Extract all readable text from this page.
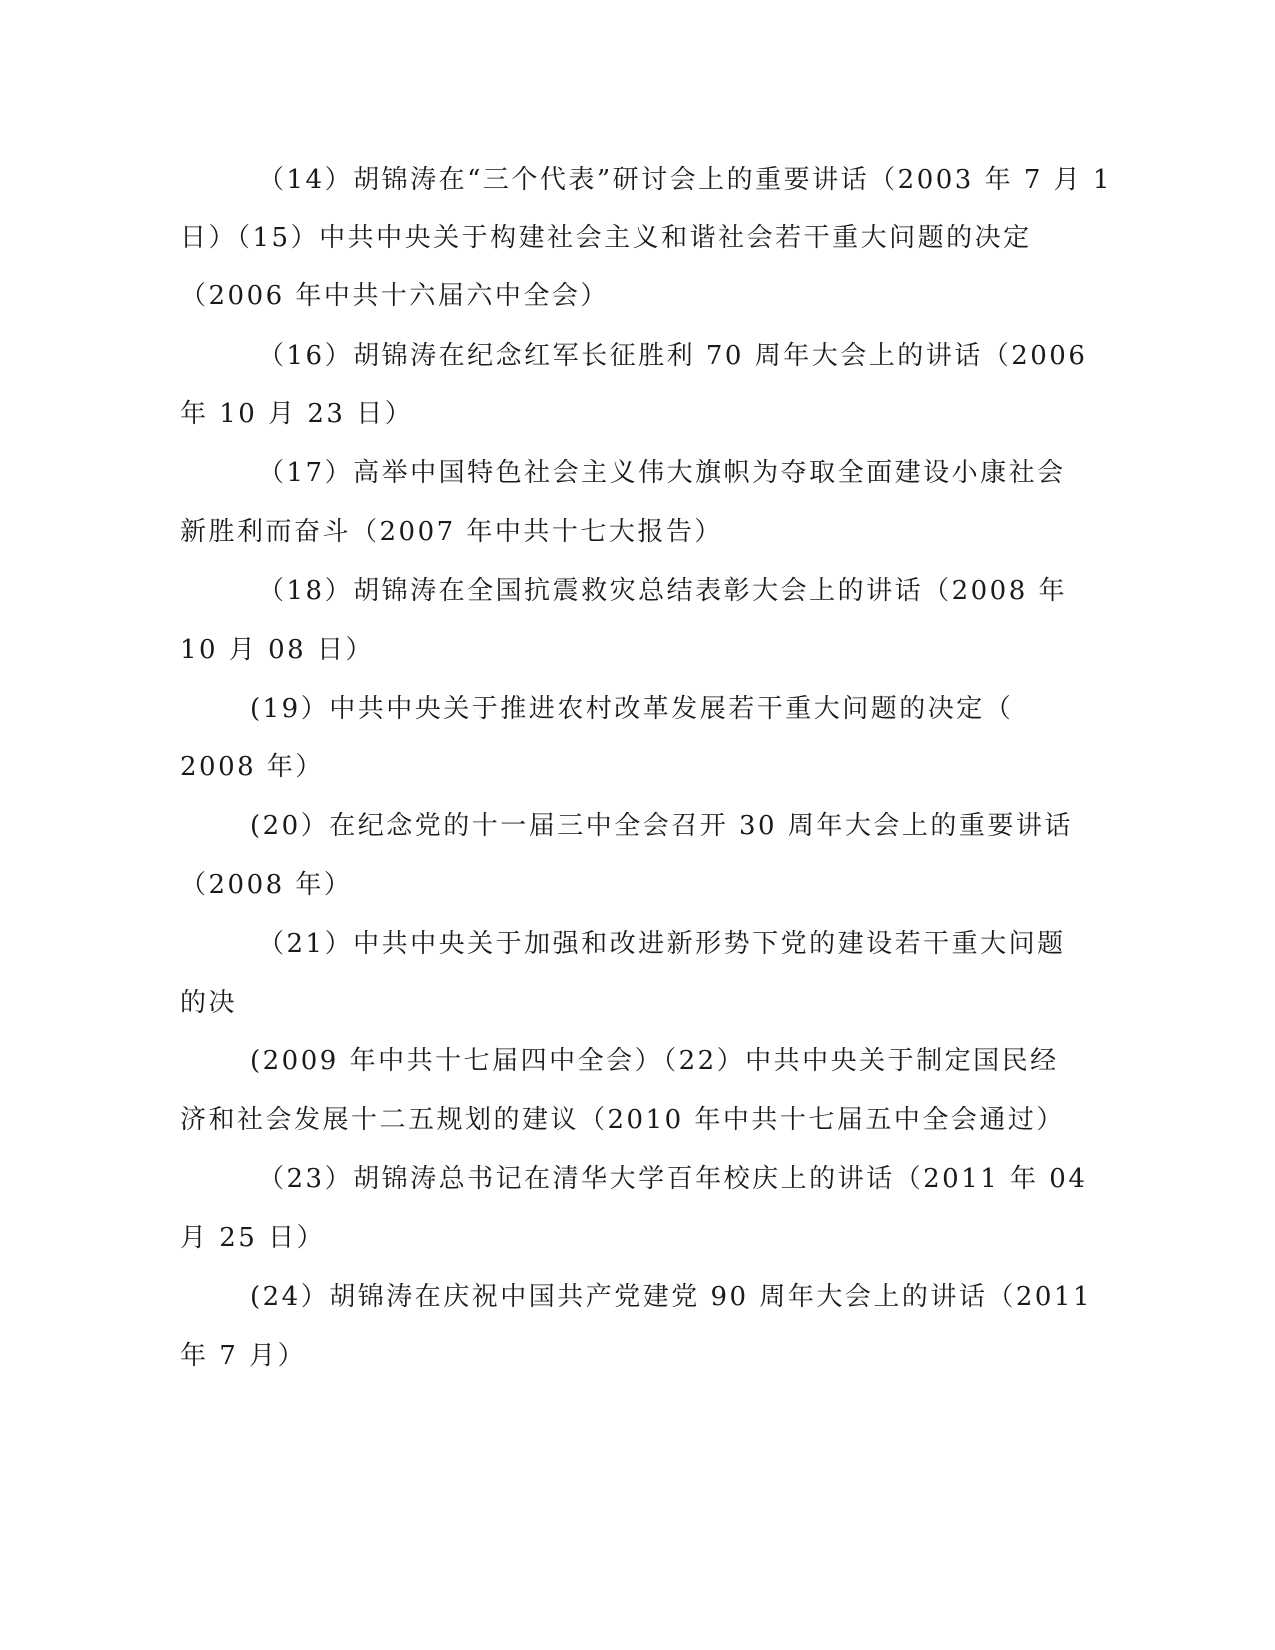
（14）胡锦涛在“三个代表”研讨会上的重要讲话（2003 年 7 月 1
日）（15）中共中央关于构建社会主义和谐社会若干重大问题的决定
（2006 年中共十六届六中全会）
（16）胡锦涛在纪念红军长征胜利 70 周年大会上的讲话（2006
年 10 月 23 日）
（17）高举中国特色社会主义伟大旗帜为夺取全面建设小康社会
新胜利而奋斗（2007 年中共十七大报告）
（18）胡锦涛在全国抗震救灾总结表彰大会上的讲话（2008 年
10 月 08 日）
(19）中共中央关于推进农村改革发展若干重大问题的决定（
2008 年）
(20）在纪念党的十一届三中全会召开 30 周年大会上的重要讲话
（2008 年）
（21）中共中央关于加强和改进新形势下党的建设若干重大问题
的决
(2009 年中共十七届四中全会）（22）中共中央关于制定国民经
济和社会发展十二五规划的建议（2010 年中共十七届五中全会通过）
（23）胡锦涛总书记在清华大学百年校庆上的讲话（2011 年 04
月 25 日）
(24）胡锦涛在庆祝中国共产党建党 90 周年大会上的讲话（2011
年 7 月）
